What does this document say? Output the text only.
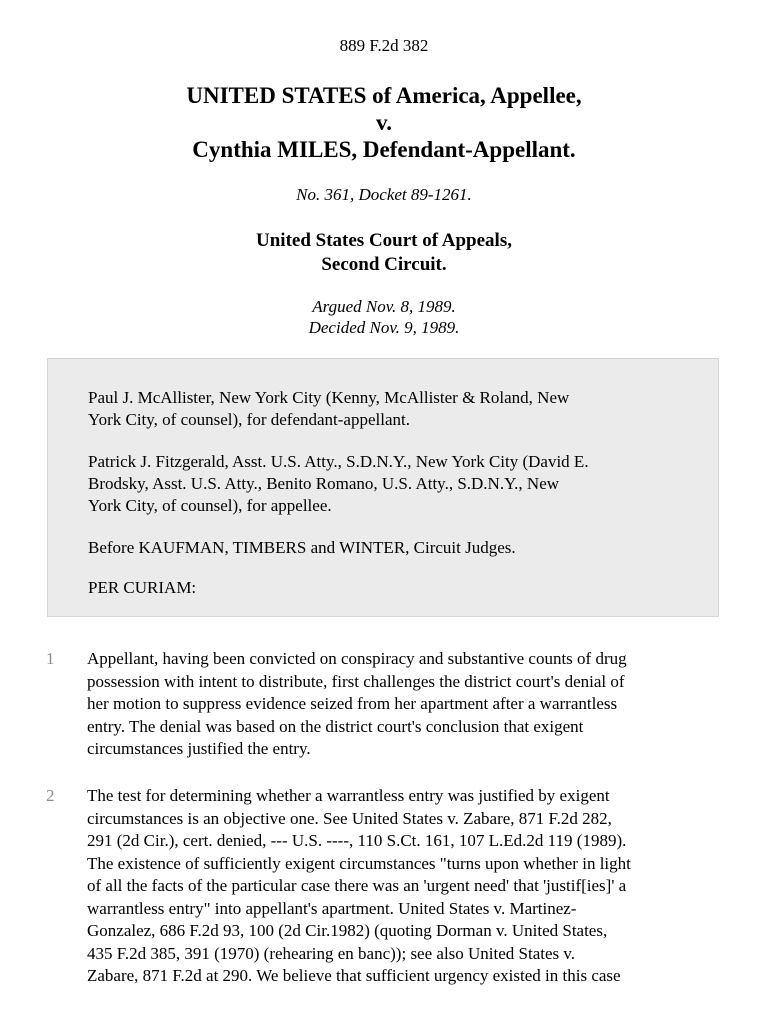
889 F.2d 382
UNITED STATES of America, Appellee,
v.
Cynthia MILES, Defendant-Appellant.
No. 361, Docket 89-1261.
United States Court of Appeals,
Second Circuit.
Argued Nov. 8, 1989.
Decided Nov. 9, 1989.

Paul J. McAllister, New York City (Kenny, McAllister & Roland, New

York City, of counsel), for defendant-appellant.

Patrick J. Fitzgerald, Asst. U.S. Atty., S.D.N.Y., New York City (David E.

Brodsky, Asst. U.S. Atty., Benito Romano, U.S. Atty., S.D.N.Y., New

York City, of counsel), for appellee.

Before KAUFMAN, TIMBERS and WINTER, Circuit Judges.

PER CURIAM:

1 Appellant, having been convicted on conspiracy and substantive counts of drug
possession with intent to distribute, first challenges the district court's denial of
her motion to suppress evidence seized from her apartment after a warrantless
entry. The denial was based on the district court's conclusion that exigent
circumstances justified the entry.
2 The test for determining whether a warrantless entry was justified by exigent
circumstances is an objective one. See United States v. Zabare, 871 F.2d 282,
291 (2d Cir.), cert. denied, --- U.S. ----, 110 S.Ct. 161, 107 L.Ed.2d 119 (1989).
The existence of sufficiently exigent circumstances "turns upon whether in light
of all the facts of the particular case there was an 'urgent need' that 'justif[ies]' a
warrantless entry" into appellant's apartment. United States v. Martinez-
Gonzalez, 686 F.2d 93, 100 (2d Cir.1982) (quoting Dorman v. United States,
435 F.2d 385, 391 (1970) (rehearing en banc)); see also United States v.
Zabare, 871 F.2d at 290. We believe that sufficient urgency existed in this case
